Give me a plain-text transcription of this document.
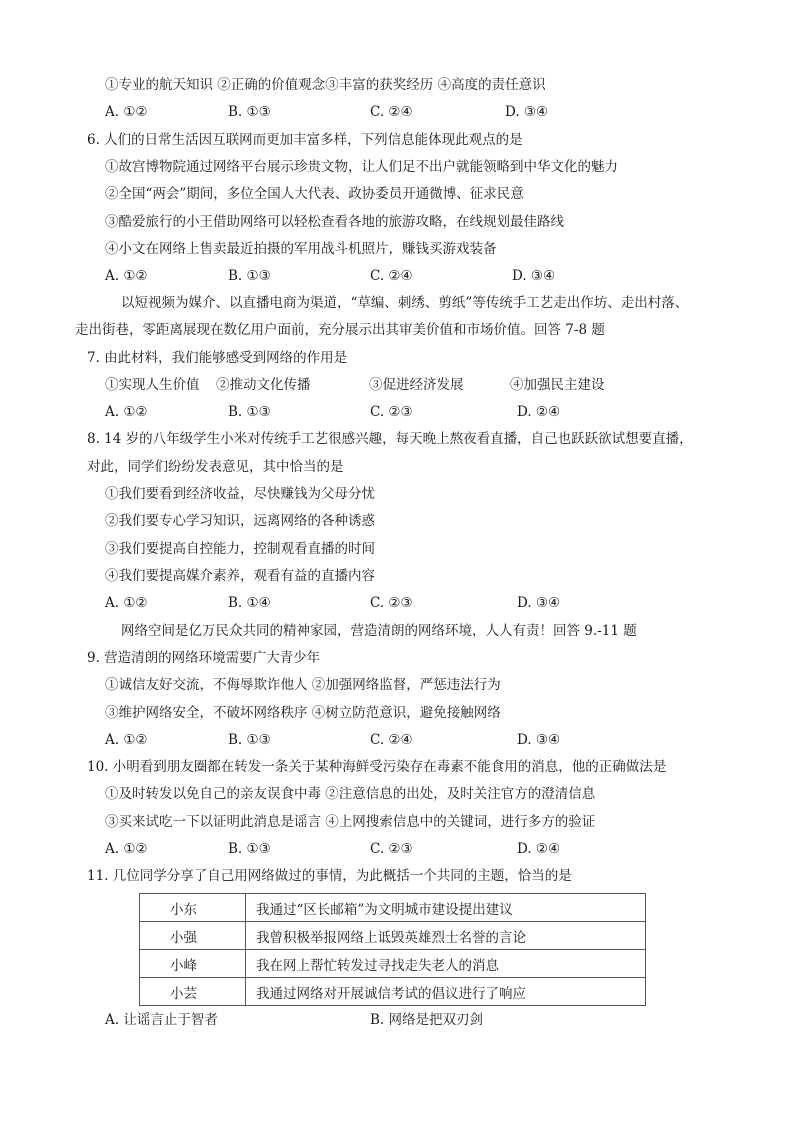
①专业的航天知识 ②正确的价值观念③丰富的获奖经历 ④高度的责任意识
A. ①②	B. ①③	C. ②④	D. ③④
6. 人们的日常生活因互联网而更加丰富多样，下列信息能体现此观点的是
①故宫博物院通过网络平台展示珍贵文物，让人们足不出户就能领略到中华文化的魅力
②全国“两会”期间，多位全国人大代表、政协委员开通微博、征求民意
③酷爱旅行的小王借助网络可以轻松查看各地的旅游攻略，在线规划最佳路线
④小文在网络上售卖最近拍摄的军用战斗机照片，赚钱买游戏装备
A. ①②	B. ①③	C. ②④	D. ③④
以短视频为媒介、以直播电商为渠道，“草编、刺绣、剪纸”等传统手工艺走出作坊、走出村落、
走出街巷，零距离展现在数亿用户面前，充分展示出其审美价值和市场价值。回答 7-8 题
7. 由此材料，我们能够感受到网络的作用是
①实现人生价值 ②推动文化传播	③促进经济发展	④加强民主建设
A. ①②	B. ①③	C. ②③	D. ②④
8. 14 岁的八年级学生小米对传统手工艺很感兴趣，每天晚上熬夜看直播，自己也跃跃欲试想要直播，
对此，同学们纷纷发表意见，其中恰当的是
①我们要看到经济收益，尽快赚钱为父母分忧
②我们要专心学习知识，远离网络的各种诱惑
③我们要提高自控能力，控制观看直播的时间
④我们要提高媒介素养，观看有益的直播内容
A. ①②	B. ①④	C. ②③	D. ③④
网络空间是亿万民众共同的精神家园，营造清朗的网络环境，人人有责！回答 9.-11 题
9. 营造清朗的网络环境需要广大青少年
①诚信友好交流，不侮辱欺诈他人 ②加强网络监督，严惩违法行为
③维护网络安全，不破坏网络秩序 ④树立防范意识，避免接触网络
A. ①②	B. ①③	C. ②④	D. ③④
10. 小明看到朋友圈都在转发一条关于某种海鲜受污染存在毒素不能食用的消息，他的正确做法是
①及时转发以免自己的亲友误食中毒 ②注意信息的出处，及时关注官方的澄清信息
③买来试吃一下以证明此消息是谣言 ④上网搜索信息中的关键词，进行多方的验证
A. ①②	B. ①③	C. ②③	D. ②④
11. 几位同学分享了自己用网络做过的事情，为此概括一个共同的主题，恰当的是
小东	我通过“区长邮箱”为文明城市建设提出建议
小强	我曾积极举报网络上诋毁英雄烈士名誉的言论
小峰	我在网上帮忙转发过寻找走失老人的消息
小芸	我通过网络对开展诚信考试的倡议进行了响应
A. 让谣言止于智者	B. 网络是把双刃剑
